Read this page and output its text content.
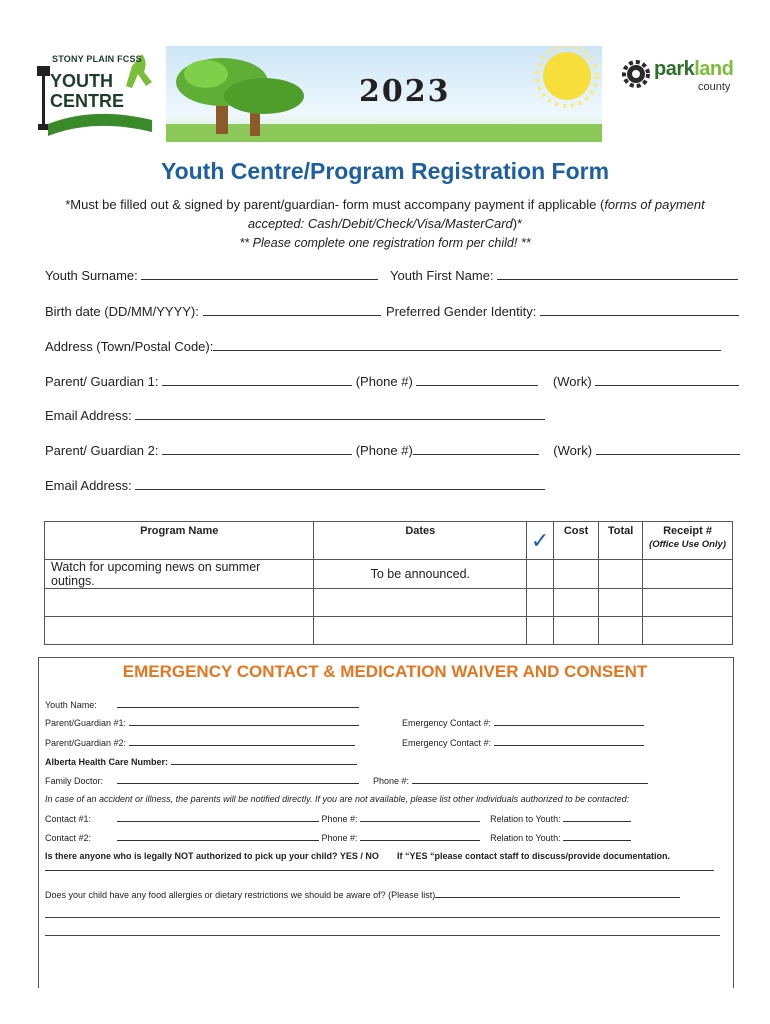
STONY PLAIN FCSS
YOUTH
CENTRE	2023
parkland
county
Youth Centre/Program Registration Form
*Must be filled out & signed by parent/guardian- form must accompany payment if applicable (forms of payment accepted: Cash/Debit/Check/Visa/MasterCard)*
** Please complete one registration form per child! **
Youth Surname:	Youth First Name:
Birth date (DD/MM/YYYY):	Preferred Gender Identity:
Address (Town/Postal Code):
Parent/ Guardian 1:	(Phone #)	(Work)
Email Address:
Parent/ Guardian 2:	(Phone #)	(Work)
Email Address:
Program Name	Dates	✓	Cost	Total	Receipt #
(Office Use Only)

Watch for upcoming news on summer outings.	To be announced.				

EMERGENCY CONTACT & MEDICATION WAIVER AND CONSENT
Youth Name:
Parent/Guardian #1:	Emergency Contact #:
Parent/Guardian #2:	Emergency Contact #:
Alberta Health Care Number:
Family Doctor:	Phone #:
In case of an accident or illness, the parents will be notified directly. If you are not available, please list other individuals authorized to be contacted:
Contact #1:	Phone #:	Relation to Youth:
Contact #2:	Phone #:	Relation to Youth:
Is there anyone who is legally NOT authorized to pick up your child? YES / NO If “YES “please contact staff to discuss/provide documentation.
Does your child have any food allergies or dietary restrictions we should be aware of? (Please list)
